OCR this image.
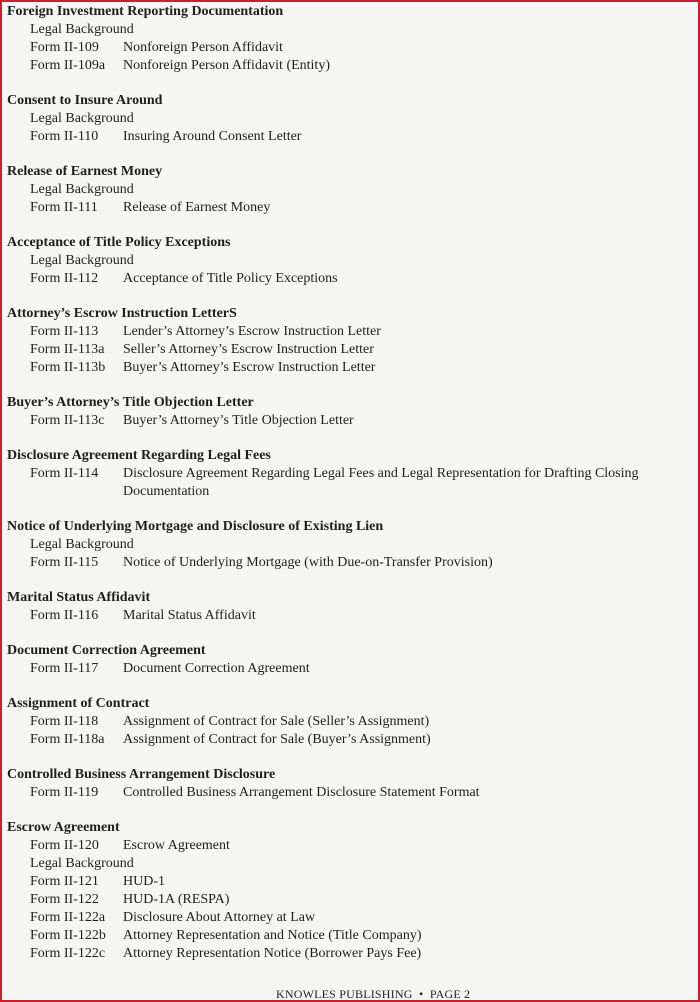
Foreign Investment Reporting Documentation
Legal Background
Form II-109 Nonforeign Person Affidavit
Form II-109a Nonforeign Person Affidavit (Entity)
Consent to Insure Around
Legal Background
Form II-110 Insuring Around Consent Letter
Release of Earnest Money
Legal Background
Form II-111 Release of Earnest Money
Acceptance of Title Policy Exceptions
Legal Background
Form II-112 Acceptance of Title Policy Exceptions
Attorney’s Escrow Instruction LetterS
Form II-113 Lender’s Attorney’s Escrow Instruction Letter
Form II-113a Seller’s Attorney’s Escrow Instruction Letter
Form II-113b Buyer’s Attorney’s Escrow Instruction Letter
Buyer’s Attorney’s Title Objection Letter
Form II-113c Buyer’s Attorney’s Title Objection Letter
Disclosure Agreement Regarding Legal Fees
Form II-114 Disclosure Agreement Regarding Legal Fees and Legal Representation for Drafting Closing Documentation
Notice of Underlying Mortgage and Disclosure of Existing Lien
Legal Background
Form II-115 Notice of Underlying Mortgage (with Due-on-Transfer Provision)
Marital Status Affidavit
Form II-116 Marital Status Affidavit
Document Correction Agreement
Form II-117 Document Correction Agreement
Assignment of Contract
Form II-118 Assignment of Contract for Sale (Seller’s Assignment)
Form II-118a Assignment of Contract for Sale (Buyer’s Assignment)
Controlled Business Arrangement Disclosure
Form II-119 Controlled Business Arrangement Disclosure Statement Format
Escrow Agreement
Form II-120 Escrow Agreement
Legal Background
Form II-121 HUD-1
Form II-122 HUD-1A (RESPA)
Form II-122a Disclosure About Attorney at Law
Form II-122b Attorney Representation and Notice (Title Company)
Form II-122c Attorney Representation Notice (Borrower Pays Fee)
KNOWLES PUBLISHING • PAGE 2
